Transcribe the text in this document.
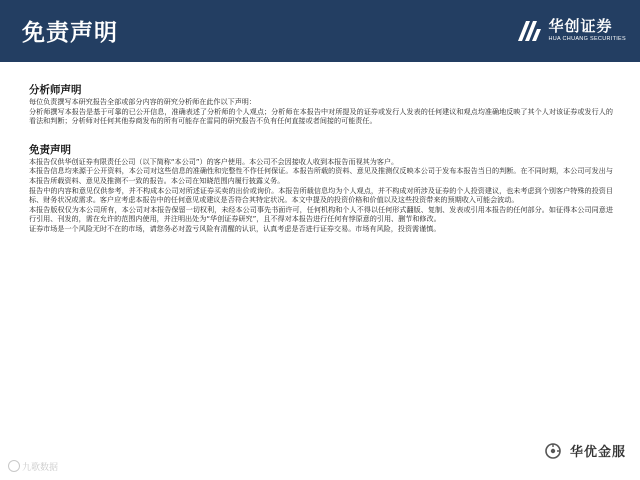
免责声明	华创证券
HUA CHUANG SECURITIES

分析师声明

每位负责撰写本研究报告全部或部分内容的研究分析师在此作以下声明：

分析师撰写本报告是基于可靠的已公开信息，准确表述了分析师的个人观点；分析师在本报告中对所提及的证券或发行人发表的任何建议和观点均准确地反映了其个人对该证券或发行人的看法和判断；分析师对任何其他券商发布的所有可能存在雷同的研究报告不负有任何直接或者间接的可能责任。

免责声明

本报告仅供华创证券有限责任公司（以下简称“本公司”）的客户使用。本公司不会因接收人收到本报告而视其为客户。

本报告信息均来源于公开资料，本公司对这些信息的准确性和完整性不作任何保证。本报告所载的资料、意见及推测仅反映本公司于发布本报告当日的判断。在不同时期，本公司可发出与本报告所载资料、意见及推测不一致的报告。本公司在知晓范围内履行披露义务。

报告中的内容和意见仅供参考，并不构成本公司对所述证券买卖的出价或询价。本报告所载信息均为个人观点，并不构成对所涉及证券的个人投资建议，也未考虑到个别客户特殊的投资目标、财务状况或需求。客户应考虑本报告中的任何意见或建议是否符合其特定状况。本文中提及的投资价格和价值以及这些投资带来的预期收入可能会波动。

本报告版权仅为本公司所有，本公司对本报告保留一切权利，未经本公司事先书面许可，任何机构和个人不得以任何形式翻版、复制、发表或引用本报告的任何部分。如征得本公司同意进行引用、刊发的，需在允许的范围内使用，并注明出处为“华创证券研究”，且不得对本报告进行任何有悖原意的引用、删节和修改。

证券市场是一个风险无时不在的市场，请您务必对盈亏风险有清醒的认识，认真考虑是否进行证券交易。市场有风险，投资需谨慎。

九歌数据
华优金服
